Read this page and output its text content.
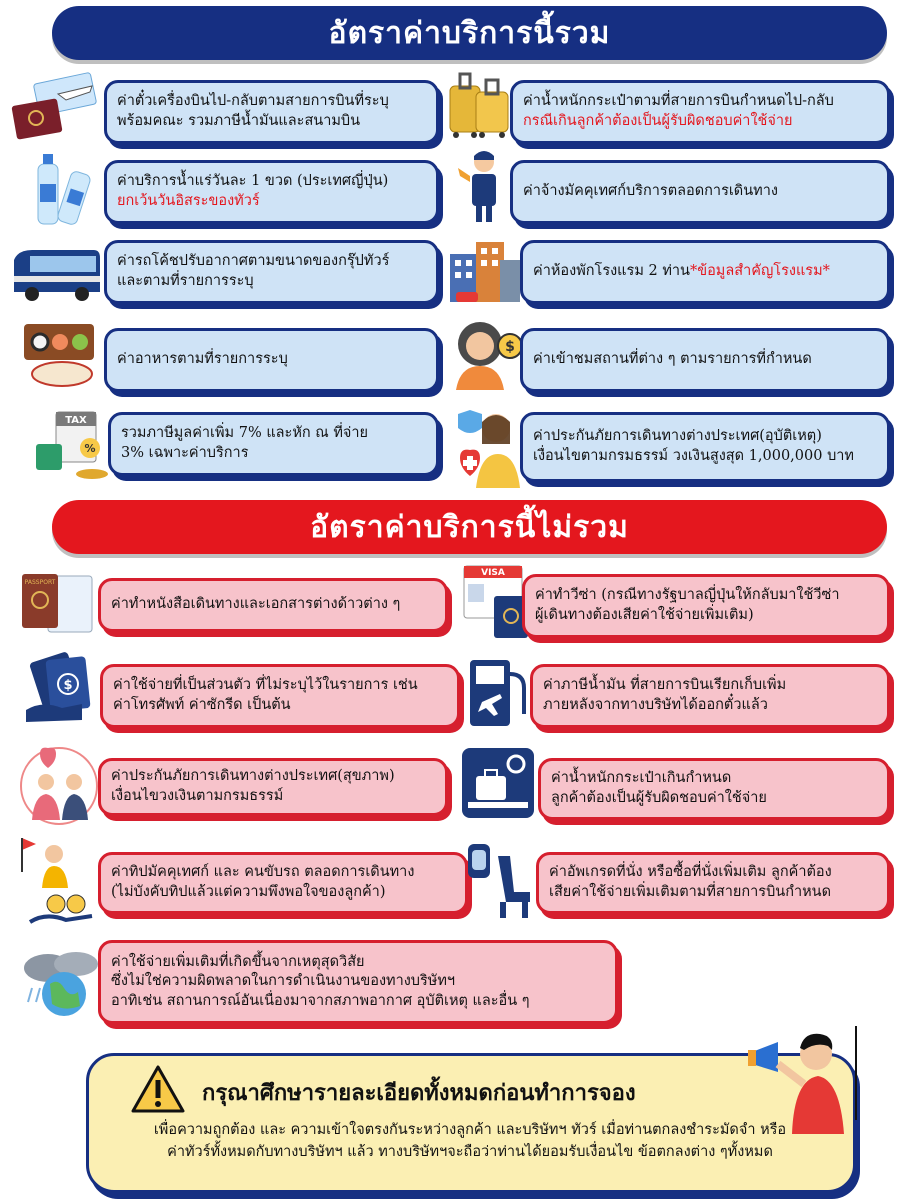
อัตราค่าบริการนี้รวม
ค่าตั๋วเครื่องบินไป-กลับตามสายการบินที่ระบุ
พร้อมคณะ รวมภาษีน้ำมันและสนามบิน
ค่าน้ำหนักกระเป๋าตามที่สายการบินกำหนดไป-กลับ
กรณีเกินลูกค้าต้องเป็นผู้รับผิดชอบค่าใช้จ่าย
ค่าบริการน้ำแร่วันละ 1 ขวด (ประเทศญี่ปุ่น)
ยกเว้นวันอิสระของทัวร์
ค่าจ้างมัคคุเทศก์บริการตลอดการเดินทาง
ค่ารถโค้ชปรับอากาศตามขนาดของกรุ๊ปทัวร์
และตามที่รายการระบุ
ค่าห้องพักโรงแรม 2 ท่าน*ข้อมูลสำคัญโรงแรม*
ค่าอาหารตามที่รายการระบุ
$
ค่าเข้าชมสถานที่ต่าง ๆ ตามรายการที่กำหนด
TAX
%
รวมภาษีมูลค่าเพิ่ม 7% และหัก ณ ที่จ่าย
3% เฉพาะค่าบริการ
ค่าประกันภัยการเดินทางต่างประเทศ(อุบัติเหตุ)
เงื่อนไขตามกรมธรรม์ วงเงินสูงสุด 1,000,000 บาท
อัตราค่าบริการนี้ไม่รวม
PASSPORT
ค่าทำหนังสือเดินทางและเอกสารต่างด้าวต่าง ๆ
VISA
ค่าทำวีซ่า (กรณีทางรัฐบาลญี่ปุ่นให้กลับมาใช้วีซ่า
ผู้เดินทางต้องเสียค่าใช้จ่ายเพิ่มเติม)
$	ค่าใช้จ่ายที่เป็นส่วนตัว ที่ไม่ระบุไว้ในรายการ เช่น
ค่าโทรศัพท์ ค่าซักรีด เป็นต้น
ค่าภาษีน้ำมัน ที่สายการบินเรียกเก็บเพิ่ม
ภายหลังจากทางบริษัทได้ออกตั๋วแล้ว
ค่าประกันภัยการเดินทางต่างประเทศ(สุขภาพ)
เงื่อนไขวงเงินตามกรมธรรม์
ค่าน้ำหนักกระเป๋าเกินกำหนด
ลูกค้าต้องเป็นผู้รับผิดชอบค่าใช้จ่าย
ค่าทิปมัคคุเทศก์ และ คนขับรถ ตลอดการเดินทาง
(ไม่บังคับทิปแล้วแต่ความพึงพอใจของลูกค้า)
ค่าอัพเกรดที่นั่ง หรือซื้อที่นั่งเพิ่มเติม ลูกค้าต้อง
เสียค่าใช้จ่ายเพิ่มเติมตามที่สายการบินกำหนด
ค่าใช้จ่ายเพิ่มเติมที่เกิดขึ้นจากเหตุสุดวิสัย
ซึ่งไม่ใช่ความผิดพลาดในการดำเนินงานของทางบริษัทฯ
อาทิเช่น สถานการณ์อันเนื่องมาจากสภาพอากาศ อุบัติเหตุ และอื่น ๆ
กรุณาศึกษารายละเอียดทั้งหมดก่อนทำการจอง
เพื่อความถูกต้อง และ ความเข้าใจตรงกันระหว่างลูกค้า และบริษัทฯ ทัวร์ เมื่อท่านตกลงชำระมัดจำ หรือ
ค่าทัวร์ทั้งหมดกับทางบริษัทฯ แล้ว ทางบริษัทฯจะถือว่าท่านได้ยอมรับเงื่อนไข ข้อตกลงต่าง ๆทั้งหมด
